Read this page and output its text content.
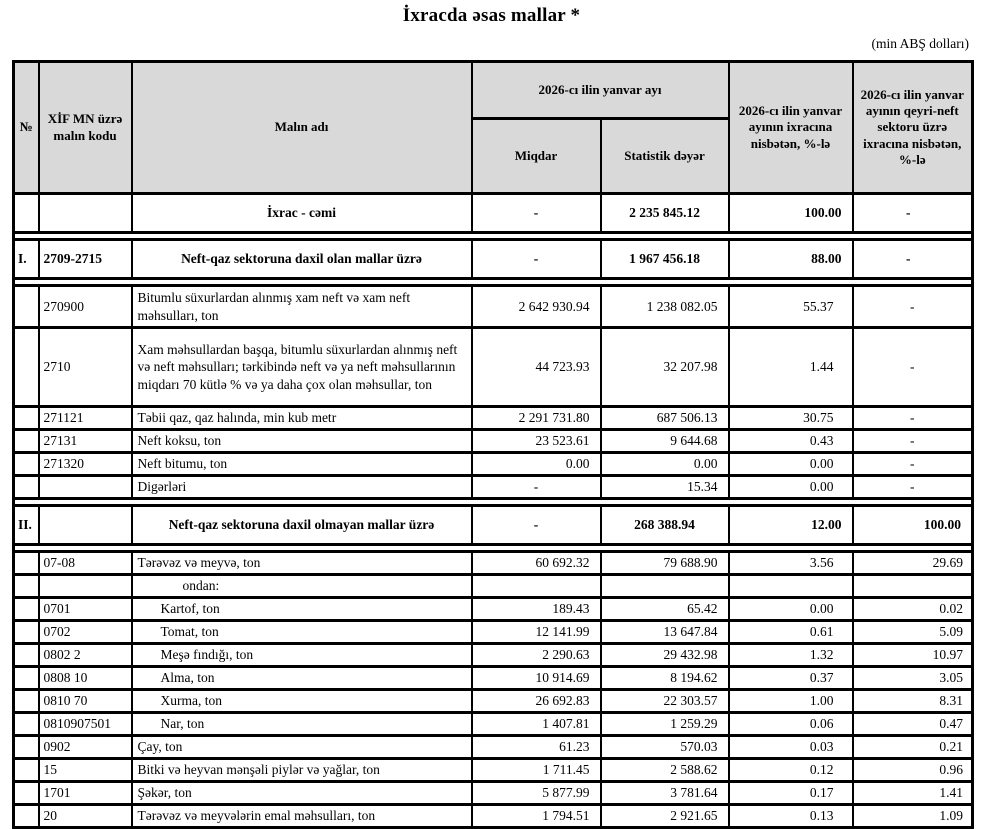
İxracda əsas mallar *
(min ABŞ dolları)
№	XİF MN üzrə malın kodu	Malın adı	2026-cı ilin yanvar ayı		2026-cı ilin yanvar ayının ixracına nisbətən, %-lə	2026-cı ilin yanvar ayının qeyri-neft sektoru üzrə ixracına nisbətən, %-lə
			Miqdar	Statistik dəyər		
		İxrac - cəmi	-	2 235 845.12	100.00	-

I.	2709-2715	Neft-qaz sektoruna daxil olan mallar üzrə	-	1 967 456.18	88.00	-

	270900	Bitumlu süxurlardan alınmış xam neft və xam neft məhsulları, ton	2 642 930.94	1 238 082.05	55.37	-
	2710	Xam məhsullardan başqa, bitumlu süxurlardan alınmış neft və neft məhsulları; tərkibində neft və ya neft məhsullarının miqdarı 70 kütlə % və ya daha çox olan məhsullar, ton	44 723.93	32 207.98	1.44	-
	271121	Təbii qaz, qaz halında, min kub metr	2 291 731.80	687 506.13	30.75	-
	27131	Neft koksu, ton	23 523.61	9 644.68	0.43	-
	271320	Neft bitumu, ton	0.00	0.00	0.00	-
		Digərləri	-	15.34	0.00	-

II.		Neft-qaz sektoruna daxil olmayan mallar üzrə	-	268 388.94	12.00	100.00

	07-08	Tərəvəz və meyvə, ton	60 692.32	79 688.90	3.56	29.69
		ondan:				
	0701	Kartof, ton	189.43	65.42	0.00	0.02
	0702	Tomat, ton	12 141.99	13 647.84	0.61	5.09
	0802 2	Meşə fındığı, ton	2 290.63	29 432.98	1.32	10.97
	0808 10	Alma, ton	10 914.69	8 194.62	0.37	3.05
	0810 70	Xurma, ton	26 692.83	22 303.57	1.00	8.31
	0810907501	Nar, ton	1 407.81	1 259.29	0.06	0.47
	0902	Çay, ton	61.23	570.03	0.03	0.21
	15	Bitki və heyvan mənşəli piylər və yağlar, ton	1 711.45	2 588.62	0.12	0.96
	1701	Şəkər, ton	5 877.99	3 781.64	0.17	1.41
	20	Tərəvəz və meyvələrin emal məhsulları, ton	1 794.51	2 921.65	0.13	1.09
